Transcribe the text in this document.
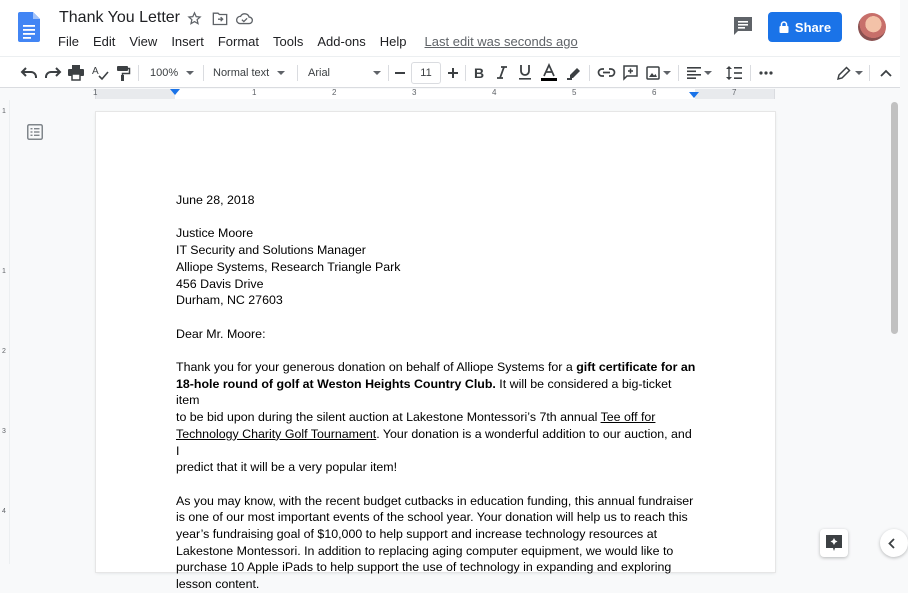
Thank You Letter
File	Edit	View	Insert	Format	Tools	Add-ons	Help	Last edit was seconds ago
Share
A	100%	Normal text	Arial	11	B
1	1	2	3	4	5	6	7
1
1
2
3
4

June 28, 2018

Justice Moore

IT Security and Solutions Manager

Alliope Systems, Research Triangle Park

456 Davis Drive

Durham, NC 27603

Dear Mr. Moore:

Thank you for your generous donation on behalf of Alliope Systems for a gift certificate for an
18-hole round of golf at Weston Heights Country Club. It will be considered a big-ticket item
to be bid upon during the silent auction at Lakestone Montessori’s 7th annual Tee off for
Technology Charity Golf Tournament. Your donation is a wonderful addition to our auction, and I
predict that it will be a very popular item!

As you may know, with the recent budget cutbacks in education funding, this annual fundraiser
is one of our most important events of the school year. Your donation will help us to reach this
year’s fundraising goal of $10,000 to help support and increase technology resources at
Lakestone Montessori. In addition to replacing aging computer equipment, we would like to
purchase 10 Apple iPads to help support the use of technology in expanding and exploring
lesson content.
